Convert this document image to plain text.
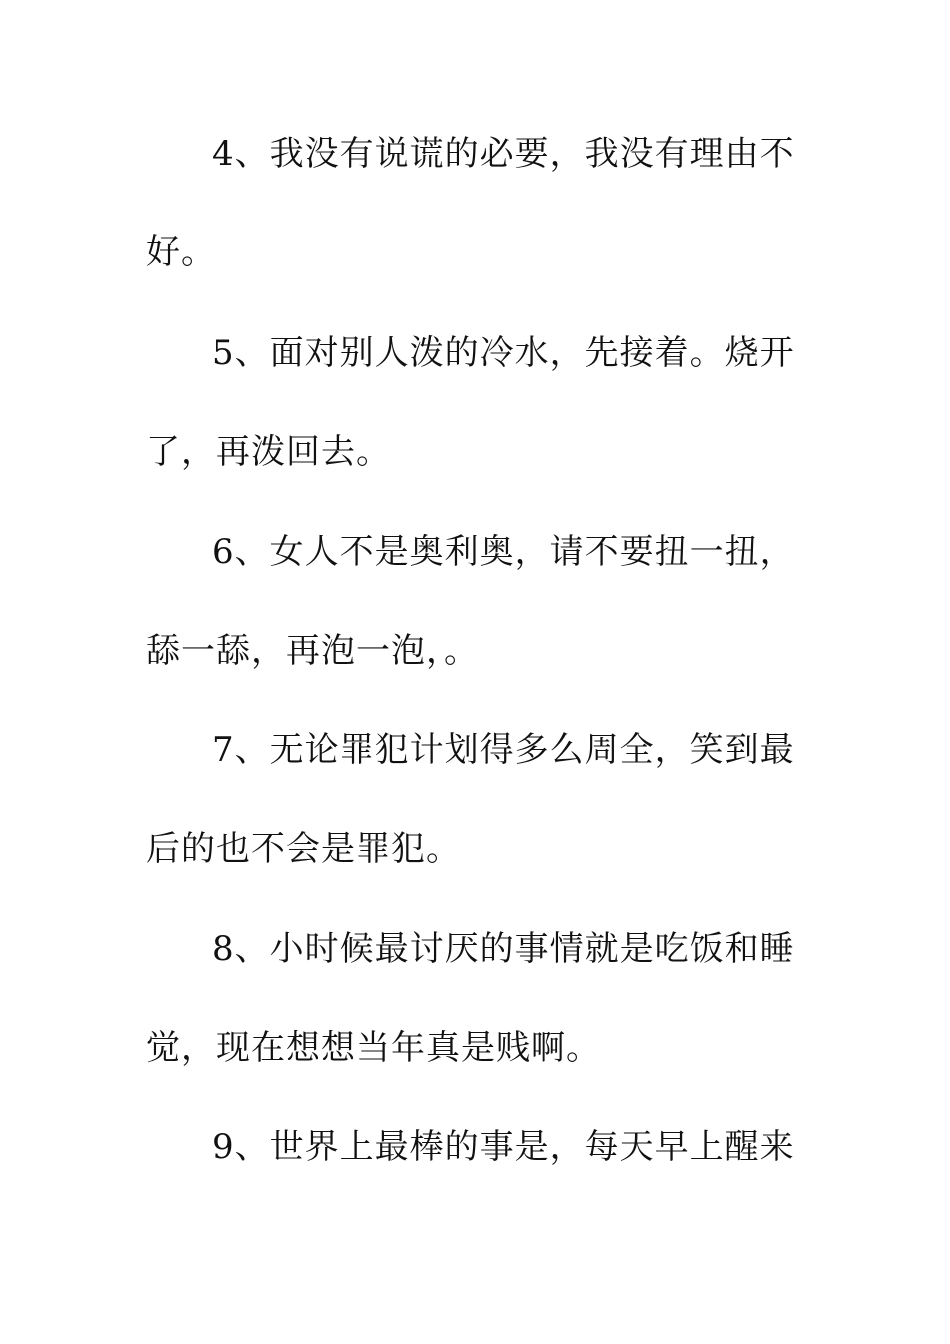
4、我没有说谎的必要，我没有理由不
好。
5、面对别人泼的冷水，先接着。烧开
了，再泼回去。
6、女人不是奥利奥，请不要扭一扭，
舔一舔，再泡一泡，。
7、无论罪犯计划得多么周全，笑到最
后的也不会是罪犯。
8、小时候最讨厌的事情就是吃饭和睡
觉，现在想想当年真是贱啊。
9、世界上最棒的事是，每天早上醒来
